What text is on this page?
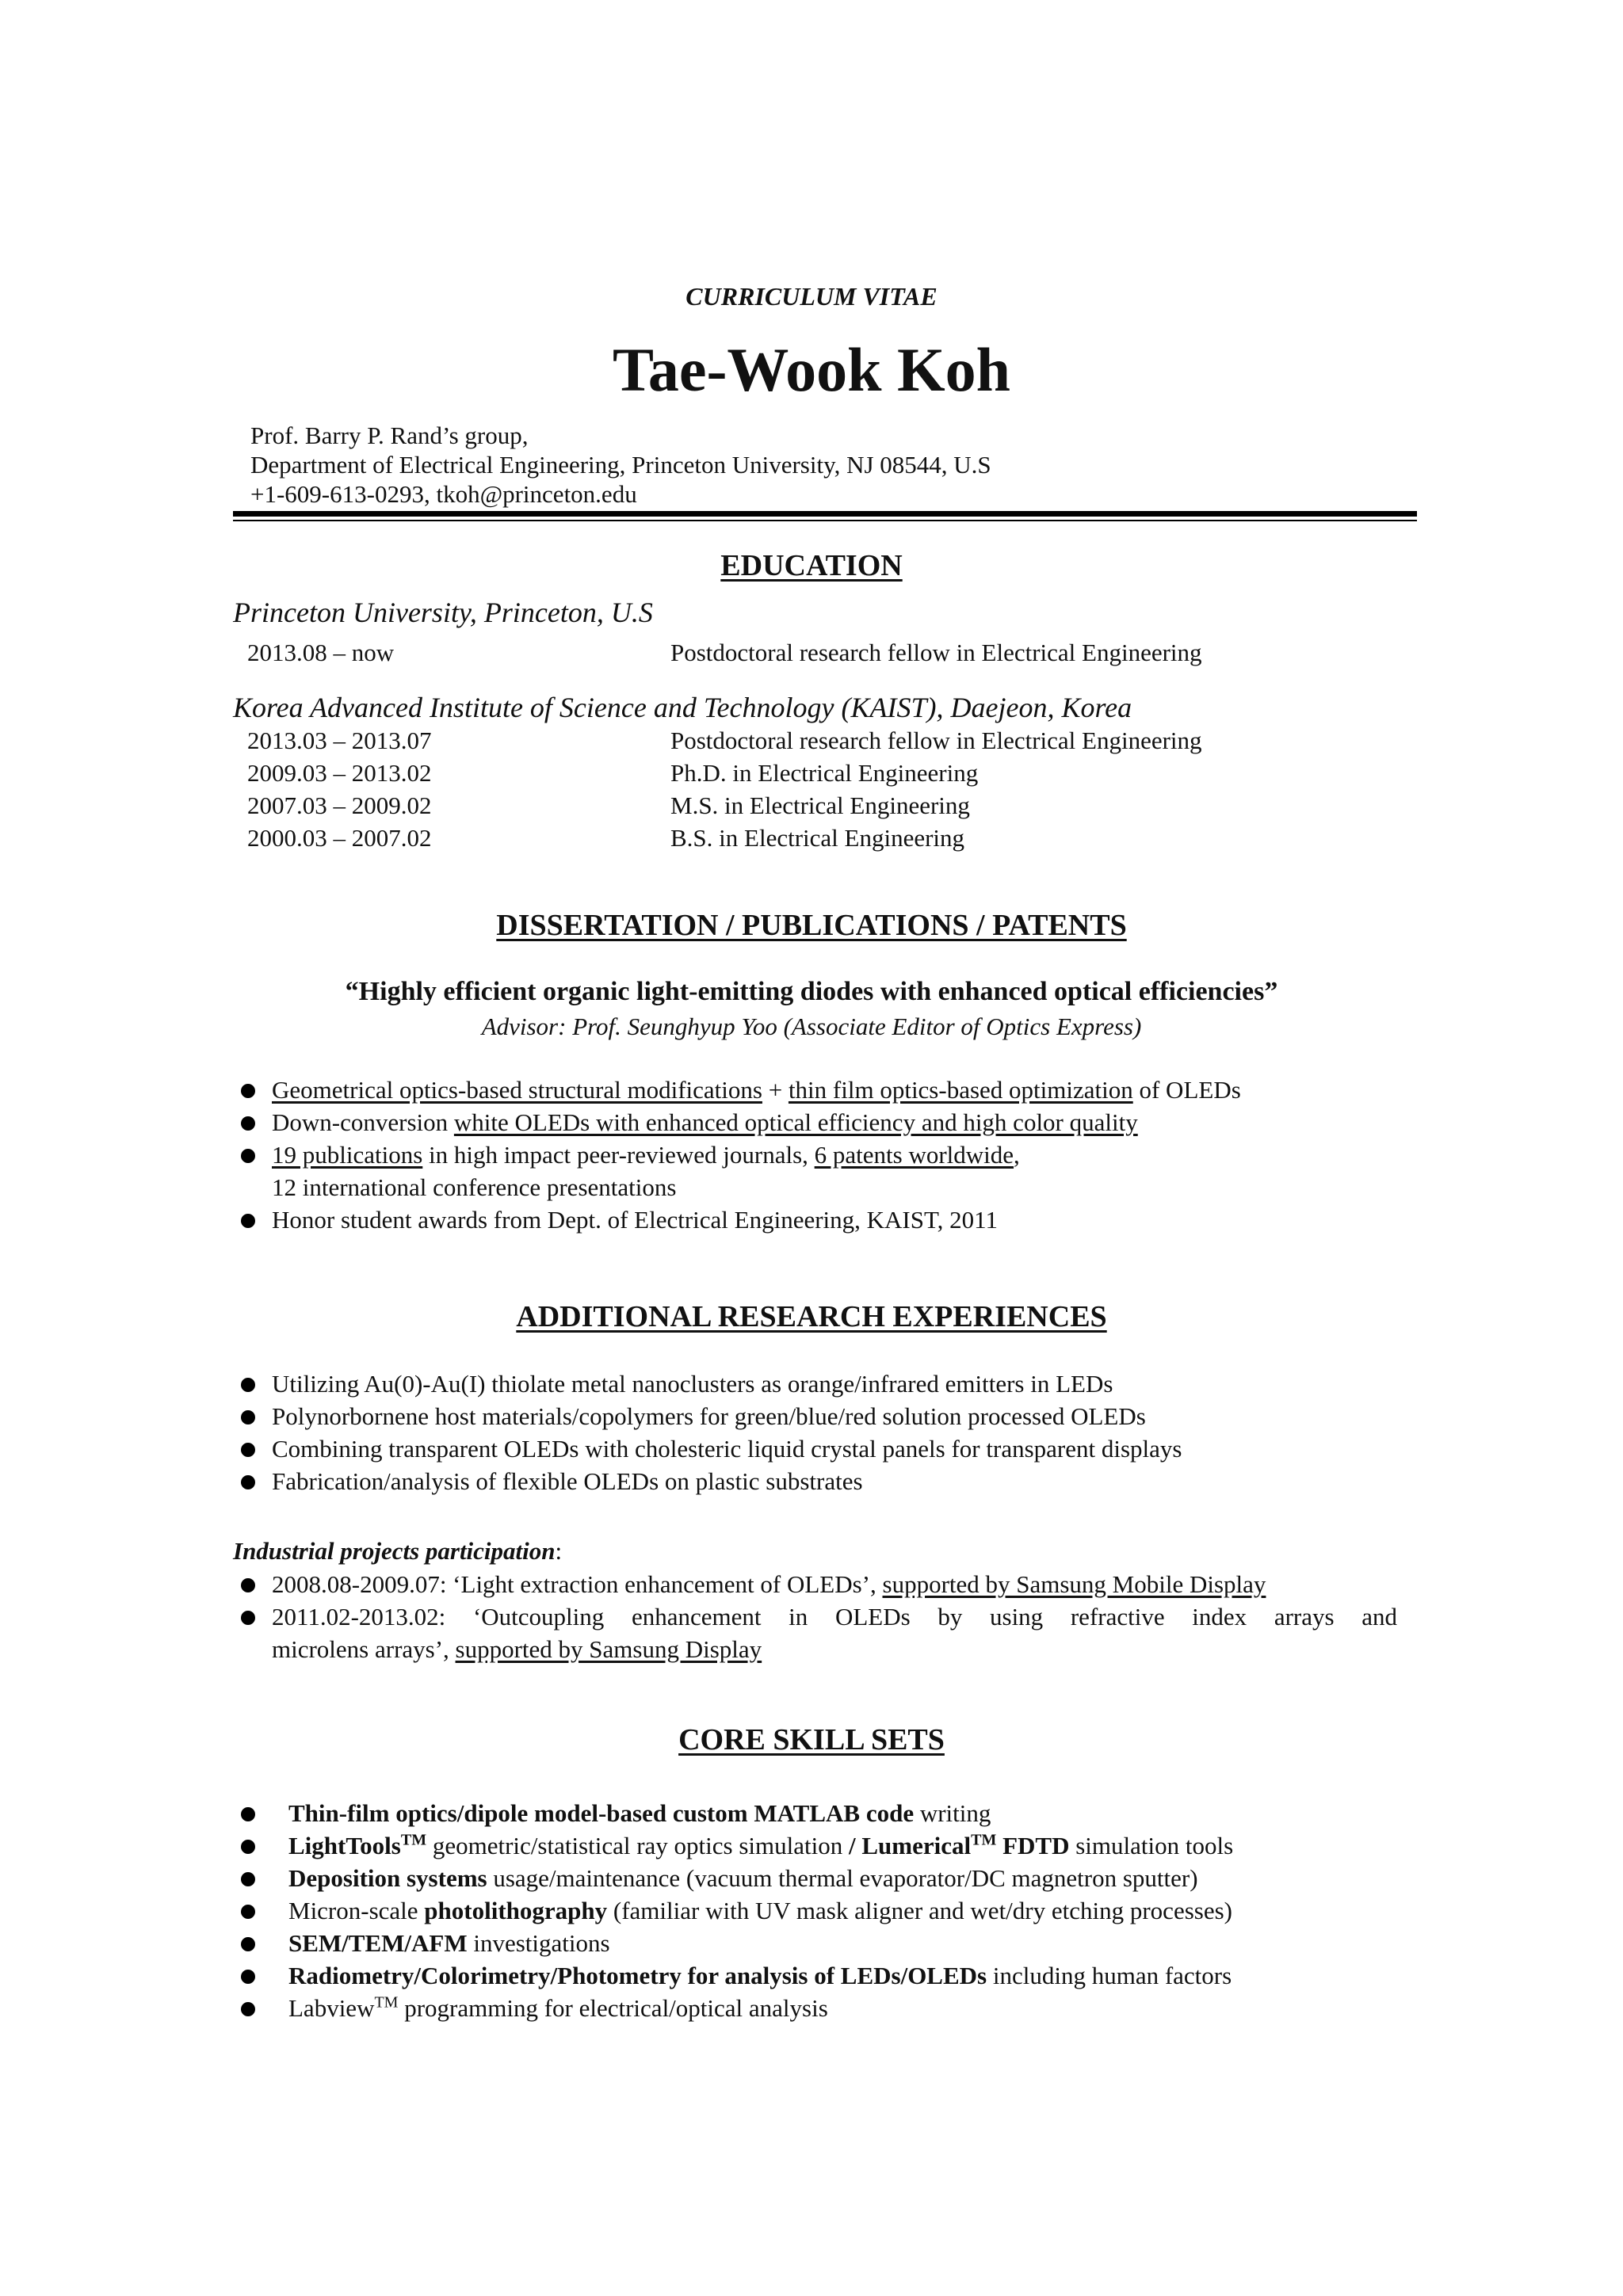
CURRICULUM VITAE
Tae-Wook Koh
Prof. Barry P. Rand’s group,
Department of Electrical Engineering, Princeton University, NJ 08544, U.S
+1-609-613-0293, tkoh@princeton.edu
EDUCATION
Princeton University, Princeton, U.S
2013.08 – now	Postdoctoral research fellow in Electrical Engineering
Korea Advanced Institute of Science and Technology (KAIST), Daejeon, Korea
2013.03 – 2013.07	Postdoctoral research fellow in Electrical Engineering
2009.03 – 2013.02	Ph.D. in Electrical Engineering
2007.03 – 2009.02	M.S. in Electrical Engineering
2000.03 – 2007.02	B.S. in Electrical Engineering
DISSERTATION / PUBLICATIONS / PATENTS
“Highly efficient organic light-emitting diodes with enhanced optical efficiencies”
Advisor: Prof. Seunghyup Yoo (Associate Editor of Optics Express)
Geometrical optics-based structural modifications + thin film optics-based optimization of OLEDs
Down-conversion white OLEDs with enhanced optical efficiency and high color quality
19 publications in high impact peer-reviewed journals, 6 patents worldwide,
12 international conference presentations
Honor student awards from Dept. of Electrical Engineering, KAIST, 2011
ADDITIONAL RESEARCH EXPERIENCES
Utilizing Au(0)-Au(I) thiolate metal nanoclusters as orange/infrared emitters in LEDs
Polynorbornene host materials/copolymers for green/blue/red solution processed OLEDs
Combining transparent OLEDs with cholesteric liquid crystal panels for transparent displays
Fabrication/analysis of flexible OLEDs on plastic substrates
Industrial projects participation:
2008.08-2009.07: ‘Light extraction enhancement of OLEDs’, supported by Samsung Mobile Display
2011.02-2013.02: ‘Outcoupling enhancement in OLEDs by using refractive index arrays and
microlens arrays’, supported by Samsung Display
CORE SKILL SETS
Thin-film optics/dipole model-based custom MATLAB code writing
LightTools™ geometric/statistical ray optics simulation / Lumerical™ FDTD simulation tools
Deposition systems usage/maintenance (vacuum thermal evaporator/DC magnetron sputter)
Micron-scale photolithography (familiar with UV mask aligner and wet/dry etching processes)
SEM/TEM/AFM investigations
Radiometry/Colorimetry/Photometry for analysis of LEDs/OLEDs including human factors
Labview™ programming for electrical/optical analysis
